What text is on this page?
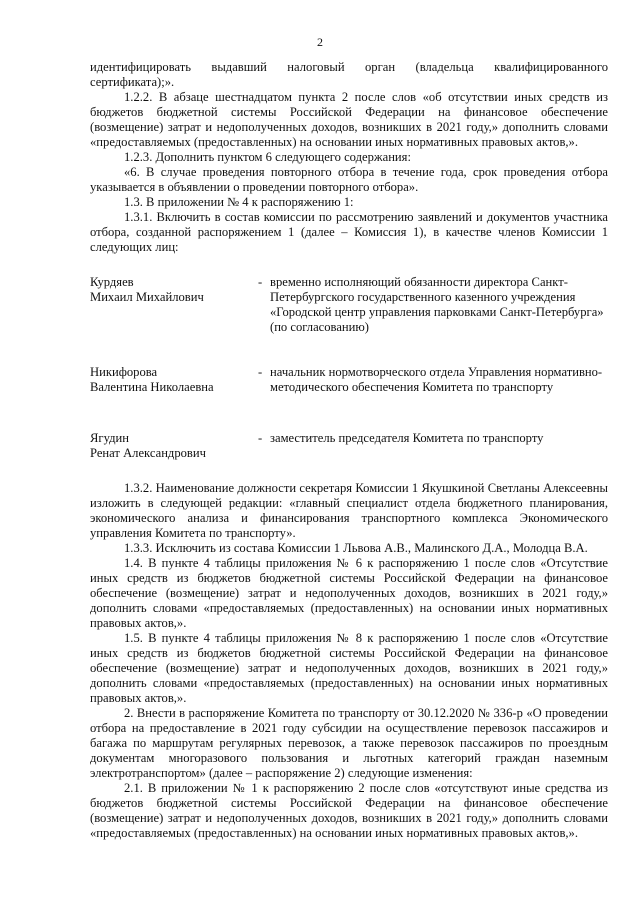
2

идентифицировать выдавший налоговый орган (владельца квалифицированного сертификата);».

1.2.2. В абзаце шестнадцатом пункта 2 после слов «об отсутствии иных средств из бюджетов бюджетной системы Российской Федерации на финансовое обеспечение (возмещение) затрат и недополученных доходов, возникших в 2021 году,» дополнить словами «предоставляемых (предоставленных) на основании иных нормативных правовых актов,».

1.2.3. Дополнить пунктом 6 следующего содержания:

«6. В случае проведения повторного отбора в течение года, срок проведения отбора указывается в объявлении о проведении повторного отбора».

1.3. В приложении № 4 к распоряжению 1:

1.3.1. Включить в состав комиссии по рассмотрению заявлений и документов участника отбора, созданной распоряжением 1 (далее – Комиссия 1), в качестве членов Комиссии 1 следующих лиц:

Курдяев
Михаил Михайлович
- временно исполняющий обязанности директора Санкт-Петербургского государственного казенного учреждения «Городской центр управления парковками Санкт-Петербурга» (по согласованию)
Никифорова
Валентина Николаевна
- начальник нормотворческого отдела Управления нормативно-методического обеспечения Комитета по транспорту
Ягудин
Ренат Александрович
- заместитель председателя Комитета по транспорту

1.3.2. Наименование должности секретаря Комиссии 1 Якушкиной Светланы Алексеевны изложить в следующей редакции: «главный специалист отдела бюджетного планирования, экономического анализа и финансирования транспортного комплекса Экономического управления Комитета по транспорту».

1.3.3. Исключить из состава Комиссии 1 Львова А.В., Малинского Д.А., Молодца В.А.

1.4. В пункте 4 таблицы приложения № 6 к распоряжению 1 после слов «Отсутствие иных средств из бюджетов бюджетной системы Российской Федерации на финансовое обеспечение (возмещение) затрат и недополученных доходов, возникших в 2021 году,» дополнить словами «предоставляемых (предоставленных) на основании иных нормативных правовых актов,».

1.5. В пункте 4 таблицы приложения № 8 к распоряжению 1 после слов «Отсутствие иных средств из бюджетов бюджетной системы Российской Федерации на финансовое обеспечение (возмещение) затрат и недополученных доходов, возникших в 2021 году,» дополнить словами «предоставляемых (предоставленных) на основании иных нормативных правовых актов,».

2. Внести в распоряжение Комитета по транспорту от 30.12.2020 № 336-р «О проведении отбора на предоставление в 2021 году субсидии на осуществление перевозок пассажиров и багажа по маршрутам регулярных перевозок, а также перевозок пассажиров по проездным документам многоразового пользования и льготных категорий граждан наземным электротранспортом» (далее – распоряжение 2) следующие изменения:

2.1. В приложении № 1 к распоряжению 2 после слов «отсутствуют иные средства из бюджетов бюджетной системы Российской Федерации на финансовое обеспечение (возмещение) затрат и недополученных доходов, возникших в 2021 году,» дополнить словами «предоставляемых (предоставленных) на основании иных нормативных правовых актов,».
